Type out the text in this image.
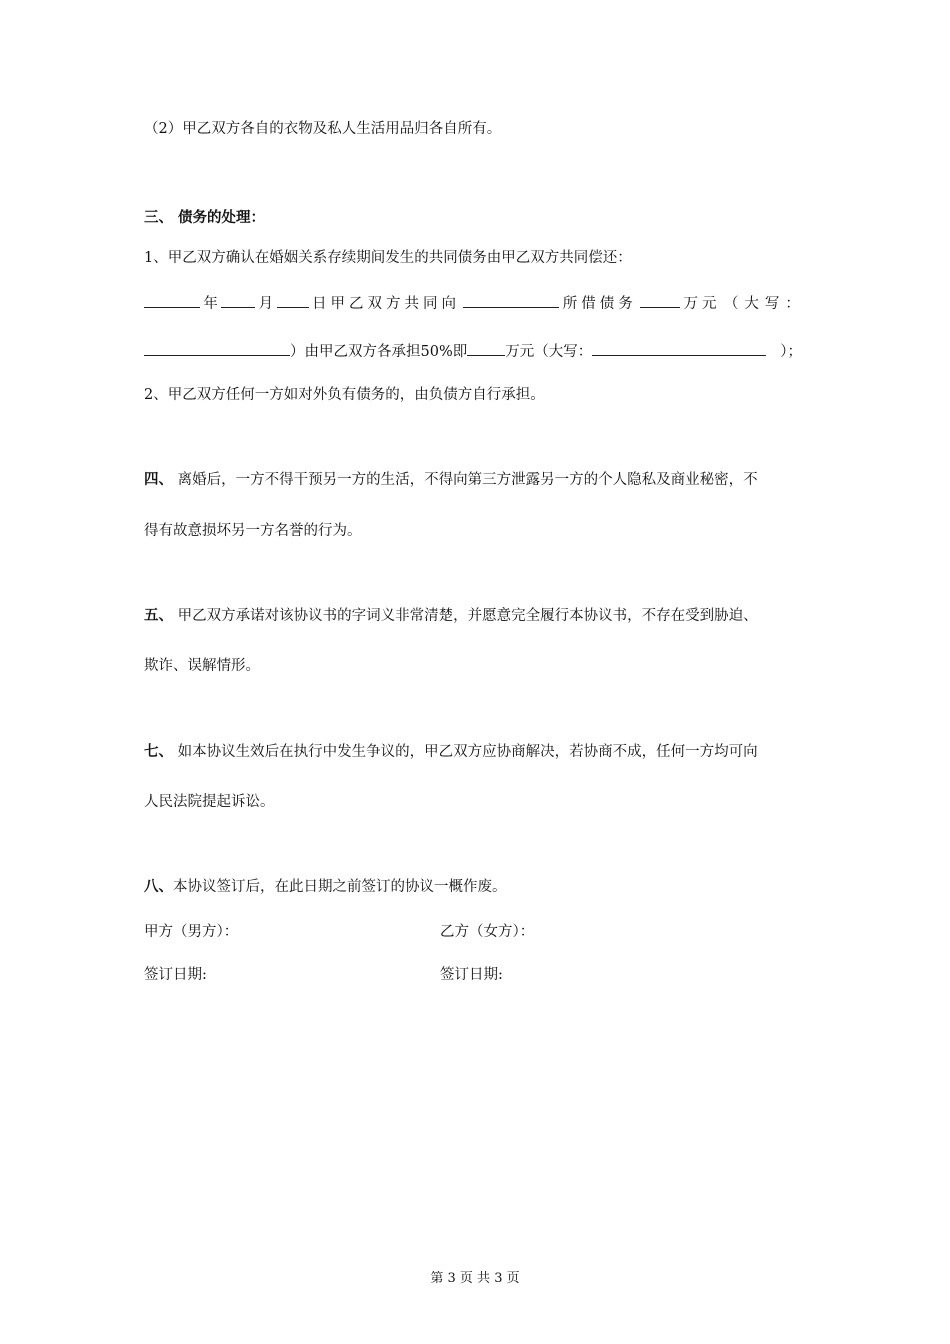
（2）甲乙双方各自的衣物及私人生活用品归各自所有。
三、 债务的处理：
1、甲乙双方确认在婚姻关系存续期间发生的共同债务由甲乙双方共同偿还：
年	月	日甲乙双方共同向	所借债务	万元 （大写：
）由甲乙双方各承担50%即	万元（大写：	）；
2、甲乙双方任何一方如对外负有债务的，由负债方自行承担。
四、 离婚后，一方不得干预另一方的生活，不得向第三方泄露另一方的个人隐私及商业秘密，不
得有故意损坏另一方名誉的行为。
五、 甲乙双方承诺对该协议书的字词义非常清楚，并愿意完全履行本协议书，不存在受到胁迫、
欺诈、误解情形。
七、 如本协议生效后在执行中发生争议的，甲乙双方应协商解决，若协商不成，任何一方均可向
人民法院提起诉讼。
八、本协议签订后，在此日期之前签订的协议一概作废。
甲方（男方）：	乙方（女方）：
签订日期:	签订日期:
第 3 页 共 3 页
